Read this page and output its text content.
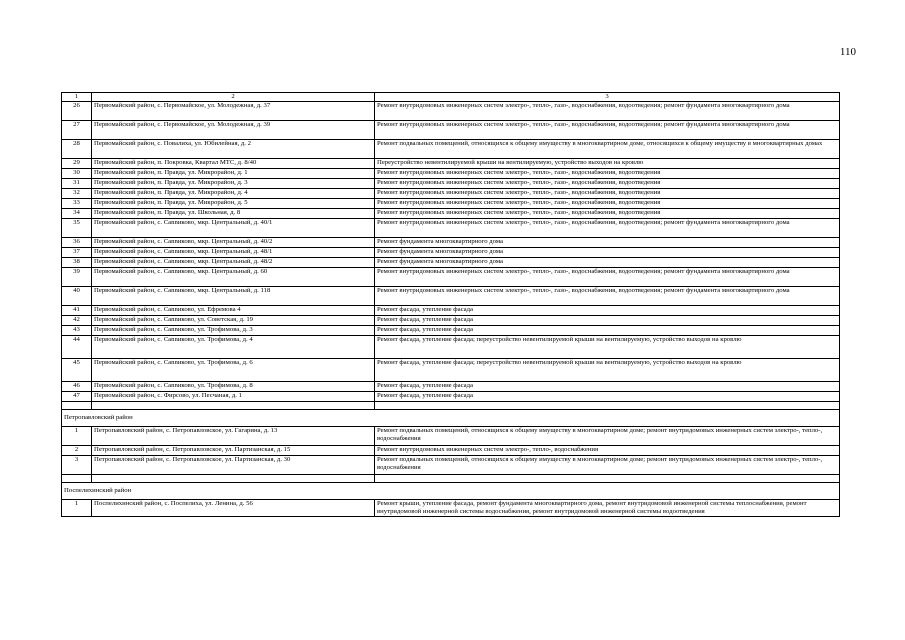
110
1	2	3
26	Первомайский район, с. Первомайское, ул. Молодежная, д. 37	Ремонт внутридомовых инженерных систем электро-, тепло-, газо-, водоснабжения, водоотведения; ремонт фундамента многоквартирного дома
27	Первомайский район, с. Первомайское, ул. Молодежная, д. 39	Ремонт внутридомовых инженерных систем электро-, тепло-, газо-, водоснабжения, водоотведения; ремонт фундамента многоквартирного дома
28	Первомайский район, с. Повалиха, ул. Юбилейная, д. 2	Ремонт подвальных помещений, относящихся к общему имуществу в многоквартирном доме, относящихся к общему имуществу в многоквартирных домах
29	Первомайский район, п. Покровка, Квартал МТС, д. 8/40	Переустройство невентилируемой крыши на вентилируемую, устройство выходов на кровлю
30	Первомайский район, п. Правда, ул. Микрорайон, д. 1	Ремонт внутридомовых инженерных систем электро-, тепло-, газо-, водоснабжения, водоотведения
31	Первомайский район, п. Правда, ул. Микрорайон, д. 3	Ремонт внутридомовых инженерных систем электро-, тепло-, газо-, водоснабжения, водоотведения
32	Первомайский район, п. Правда, ул. Микрорайон, д. 4	Ремонт внутридомовых инженерных систем электро-, тепло-, газо-, водоснабжения, водоотведения
33	Первомайский район, п. Правда, ул. Микрорайон, д. 5	Ремонт внутридомовых инженерных систем электро-, тепло-, газо-, водоснабжения, водоотведения
34	Первомайский район, п. Правда, ул. Школьная, д. 8	Ремонт внутридомовых инженерных систем электро-, тепло-, газо-, водоснабжения, водоотведения
35	Первомайский район, с. Сannиково, мкр. Центральный, д. 40/1	Ремонт внутридомовых инженерных систем электро-, тепло-, газо-, водоснабжения, водоотведения; ремонт фундамента многоквартирного дома
36	Первомайский район, с. Сannиково, мкр. Центральный, д. 40/2	Ремонт фундамента многоквартирного дома
37	Первомайский район, с. Сannиково, мкр. Центральный, д. 48/1	Ремонт фундамента многоквартирного дома
38	Первомайский район, с. Сannиково, мкр. Центральный, д. 48/2	Ремонт фундамента многоквартирного дома
39	Первомайский район, с. Сannиково, мкр. Центральный, д. 60	Ремонт внутридомовых инженерных систем электро-, тепло-, газо-, водоснабжения, водоотведения; ремонт фундамента многоквартирного дома
40	Первомайский район, с. Сannиково, мкр. Центральный, д. 118	Ремонт внутридомовых инженерных систем электро-, тепло-, газо-, водоснабжения, водоотведения; ремонт фундамента многоквартирного дома
41	Первомайский район, с. Сannиково, ул. Ефремова 4	Ремонт фасада, утепление фасада
42	Первомайский район, с. Сannиково, ул. Советская, д. 19	Ремонт фасада, утепление фасада
43	Первомайский район, с. Сannиково, ул. Трофимова, д. 3	Ремонт фасада, утепление фасада
44	Первомайский район, с. Сannиково, ул. Трофимова, д. 4	Ремонт фасада, утепление фасада; переустройство невентилируемой крыши на вентилируемую, устройство выходов на кровлю
45	Первомайский район, с. Сannиково, ул. Трофимова, д. 6	Ремонт фасада, утепление фасада; переустройство невентилируемой крыши на вентилируемую, устройство выходов на кровлю
46	Первомайский район, с. Сannиково, ул. Трофимова, д. 8	Ремонт фасада, утепление фасада
47	Первомайский район, с. Фирсово, ул. Песчаная, д. 1	Ремонт фасада, утепление фасада

Петропавловский район		
1	Петропавловский район, с. Петропавловское, ул. Гагарина, д. 13	Ремонт подвальных помещений, относящихся к общему имуществу в многоквартирном доме; ремонт внутридомовых инженерных систем электро-, тепло-, водоснабжения
2	Петропавловский район, с. Петропавловское, ул. Партизанская, д. 15	Ремонт внутридомовых инженерных систем электро-, тепло-, водоснабжения
3	Петропавловский район, с. Петропавловское, ул. Партизанская, д. 30	Ремонт подвальных помещений, относящихся к общему имуществу в многоквартирном доме; ремонт внутридомовых инженерных систем электро-, тепло-, водоснабжения

Поспелихинский район		
1	Поспелихинский район, с. Поспелиха, ул. Ленина, д. 56	Ремонт крыши, утепление фасада, ремонт фундамента многоквартирного дома, ремонт внутридомовой инженерной системы теплоснабжения, ремонт внутридомовой инженерной системы водоснабжения, ремонт внутридомовой инженерной системы водоотведения
